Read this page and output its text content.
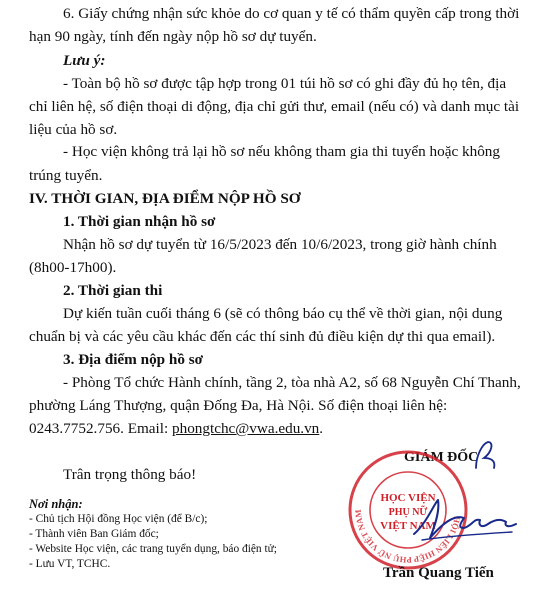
6. Giấy chứng nhận sức khỏe do cơ quan y tế có thẩm quyền cấp trong thời
hạn 90 ngày, tính đến ngày nộp hồ sơ dự tuyển.
Lưu ý:
- Toàn bộ hồ sơ được tập hợp trong 01 túi hồ sơ có ghi đầy đủ họ tên, địa
chỉ liên hệ, số điện thoại di động, địa chỉ gửi thư, email (nếu có) và danh mục tài
liệu của hồ sơ.
- Học viện không trả lại hồ sơ nếu không tham gia thi tuyển hoặc không
trúng tuyển.
IV. THỜI GIAN, ĐỊA ĐIỂM NỘP HỒ SƠ
1. Thời gian nhận hồ sơ
Nhận hồ sơ dự tuyển từ 16/5/2023 đến 10/6/2023, trong giờ hành chính
(8h00-17h00).
2. Thời gian thi
Dự kiến tuần cuối tháng 6 (sẽ có thông báo cụ thể về thời gian, nội dung
chuẩn bị và các yêu cầu khác đến các thí sinh đủ điều kiện dự thi qua email).
3. Địa điểm nộp hồ sơ
- Phòng Tổ chức Hành chính, tầng 2, tòa nhà A2, số 68 Nguyễn Chí Thanh,
phường Láng Thượng, quận Đống Đa, Hà Nội. Số điện thoại liên hệ:
0243.7752.756. Email: phongtchc@vwa.edu.vn.
Trân trọng thông báo!
Nơi nhận:
- Chủ tịch Hội đồng Học viện (để B/c);
- Thành viên Ban Giám đốc;
- Website Học viện, các trang tuyển dụng, báo điện tử;
- Lưu VT, TCHC.
GIÁM ĐỐC
HỘI LIÊN HIỆP PHỤ NỮ VIỆT NAM
HỌC VIỆN
PHỤ NỮ
VIỆT NAM
Trần Quang Tiến
